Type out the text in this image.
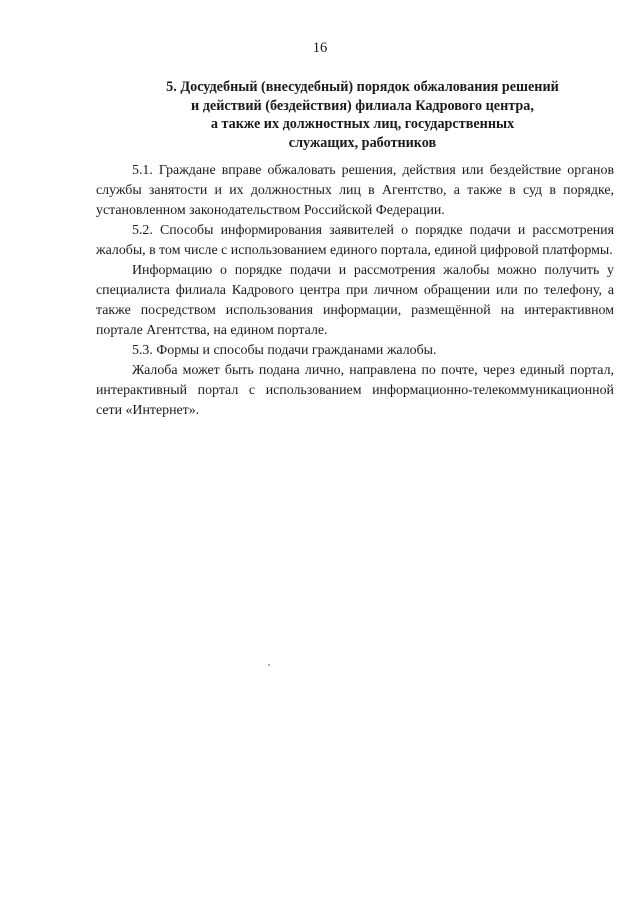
16
5. Досудебный (внесудебный) порядок обжалования решений
и действий (бездействия) филиала Кадрового центра,
а также их должностных лиц, государственных
служащих, работников

5.1. Граждане вправе обжаловать решения, действия или бездействие органов службы занятости и их должностных лиц в Агентство, а также в суд в порядке, установленном законодательством Российской Федерации.

5.2. Способы информирования заявителей о порядке подачи и рассмотрения жалобы, в том числе с использованием единого портала, единой цифровой платформы.

Информацию о порядке подачи и рассмотрения жалобы можно получить у специалиста филиала Кадрового центра при личном обращении или по телефону, а также посредством использования информации, размещённой на интерактивном портале Агентства, на едином портале.

5.3. Формы и способы подачи гражданами жалобы.

Жалоба может быть подана лично, направлена по почте, через единый портал, интерактивный портал с использованием информационно-телекоммуникационной сети «Интернет».
